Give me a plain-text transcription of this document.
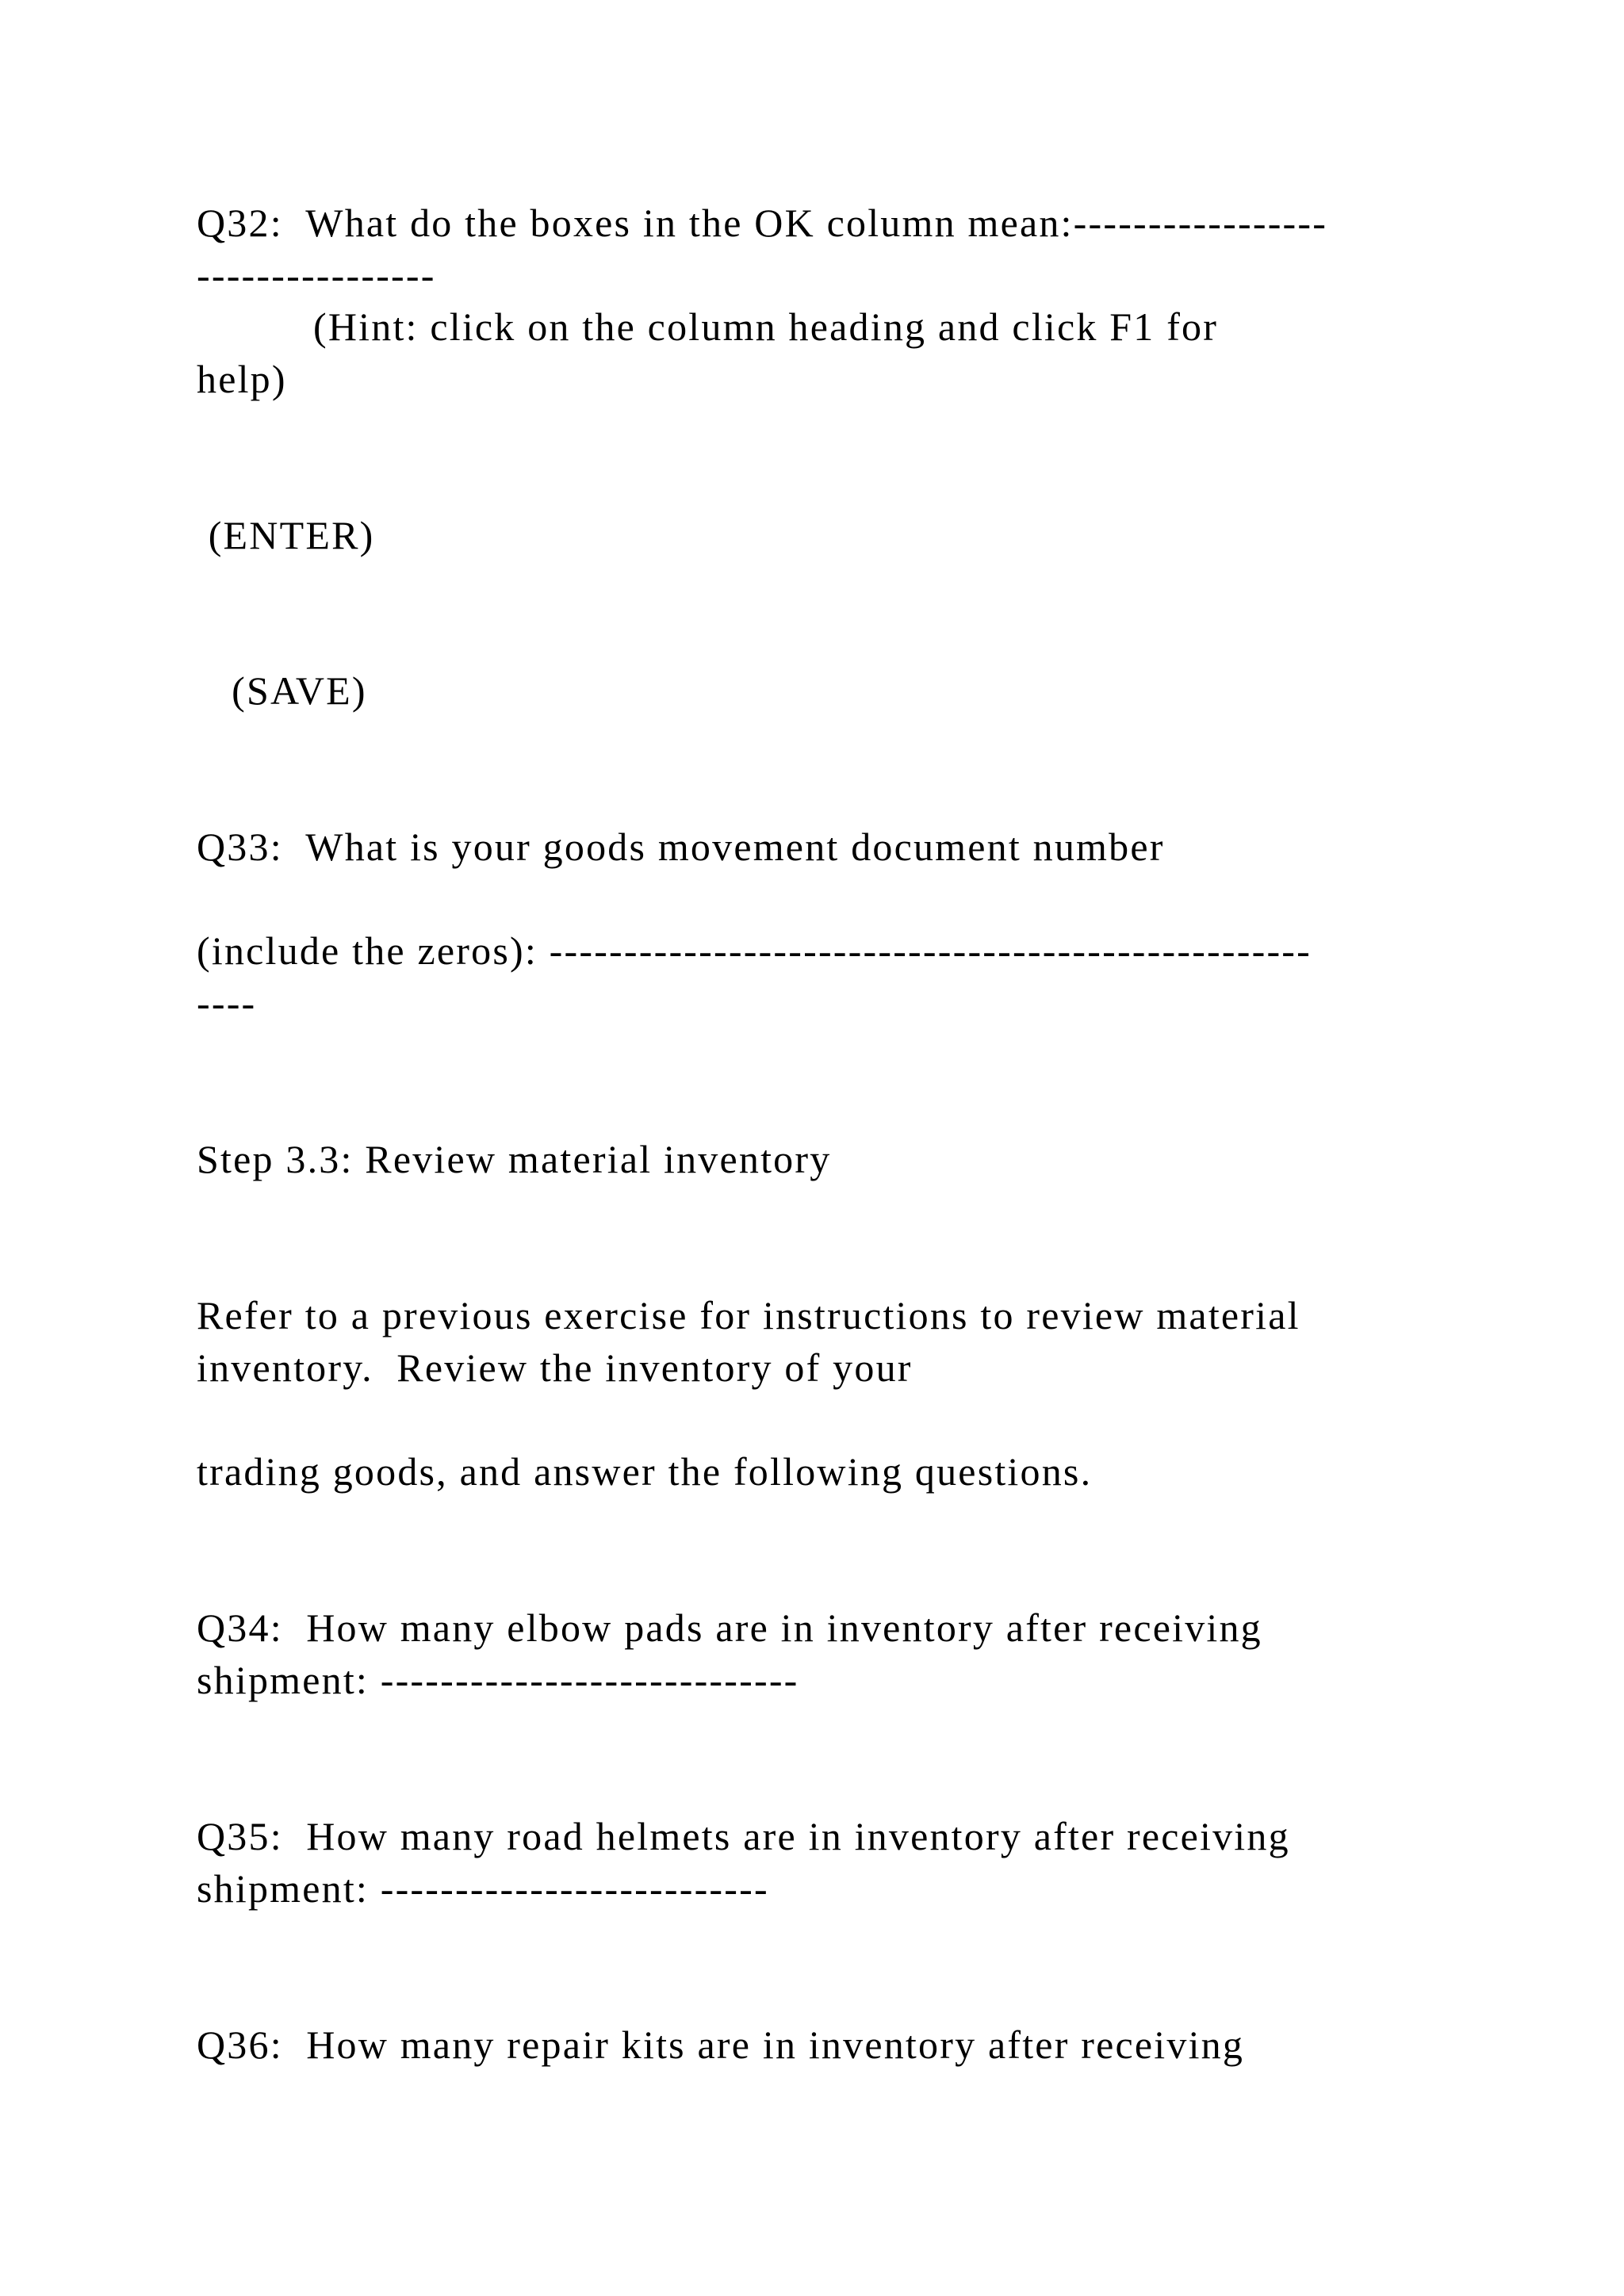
Q32:  What do the boxes in the OK column mean:-----------------

----------------

(Hint: click on the column heading and click F1 for

help)

(ENTER)

(SAVE)

Q33:  What is your goods movement document number

(include the zeros): ---------------------------------------------------

----

Step 3.3: Review material inventory

Refer to a previous exercise for instructions to review material

inventory.  Review the inventory of your

trading goods, and answer the following questions.

Q34:  How many elbow pads are in inventory after receiving

shipment: ----------------------------

Q35:  How many road helmets are in inventory after receiving

shipment: --------------------------

Q36:  How many repair kits are in inventory after receiving
